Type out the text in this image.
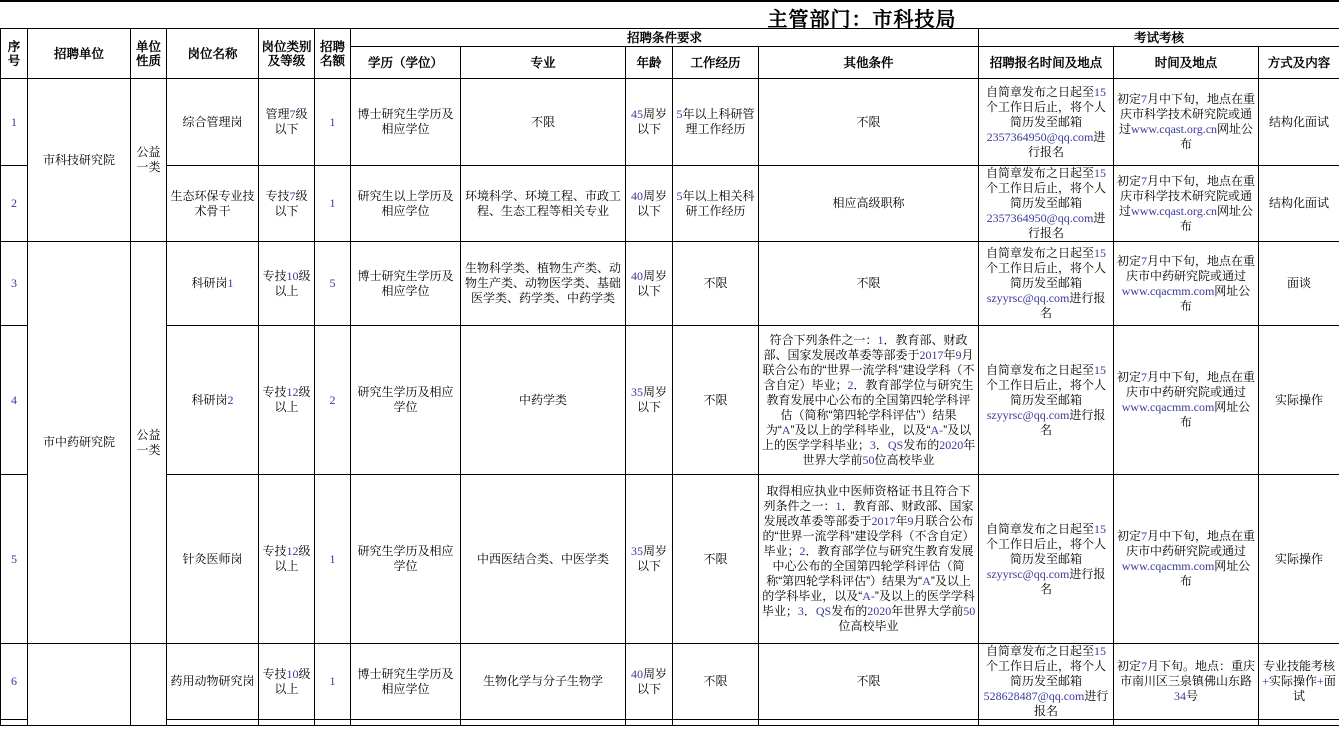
主管部门：市科技局
序号	招聘单位	单位性质	岗位名称	岗位类别及等级	招聘名额	招聘条件要求					考试考核		
						学历（学位）	专业	年龄	工作经历	其他条件	招聘报名时间及地点	时间及地点	方式及内容
1	市科技研究院	公益一类	综合管理岗	管理7级以下	1	博士研究生学历及相应学位	不限	45周岁以下	5年以上科研管理工作经历	不限	自简章发布之日起至15个工作日后止，将个人简历发至邮箱2357364950@qq.com进行报名	初定7月中下旬，地点在重庆市科学技术研究院或通过www.cqast.org.cn网址公布	结构化面试
2			生态环保专业技术骨干	专技7级以下	1	研究生以上学历及相应学位	环境科学、环境工程、市政工程、生态工程等相关专业	40周岁以下	5年以上相关科研工作经历	相应高级职称	自简章发布之日起至15个工作日后止，将个人简历发至邮箱2357364950@qq.com进行报名	初定7月中下旬，地点在重庆市科学技术研究院或通过www.cqast.org.cn网址公布	结构化面试
3	市中药研究院	公益一类	科研岗1	专技10级以上	5	博士研究生学历及相应学位	生物科学类、植物生产类、动物生产类、动物医学类、基础医学类、药学类、中药学类	40周岁以下	不限	不限	自简章发布之日起至15个工作日后止，将个人简历发至邮箱szyyrsc@qq.com进行报名	初定7月中下旬，地点在重庆市中药研究院或通过www.cqacmm.com网址公布	面谈
4			科研岗2	专技12级以上	2	研究生学历及相应学位	中药学类	35周岁以下	不限	符合下列条件之一：1．教育部、财政部、国家发展改革委等部委于2017年9月联合公布的“世界一流学科”建设学科（不含自定）毕业；2．教育部学位与研究生教育发展中心公布的全国第四轮学科评估（简称“第四轮学科评估”）结果为“A”及以上的学科毕业，以及“A-”及以上的医学学科毕业；3．QS发布的2020年世界大学前50位高校毕业	自简章发布之日起至15个工作日后止，将个人简历发至邮箱szyyrsc@qq.com进行报名	初定7月中下旬，地点在重庆市中药研究院或通过www.cqacmm.com网址公布	实际操作
5			针灸医师岗	专技12级以上	1	研究生学历及相应学位	中西医结合类、中医学类	35周岁以下	不限	取得相应执业中医师资格证书且符合下列条件之一：1．教育部、财政部、国家发展改革委等部委于2017年9月联合公布的“世界一流学科”建设学科（不含自定）毕业；2．教育部学位与研究生教育发展中心公布的全国第四轮学科评估（简称“第四轮学科评估”）结果为“A”及以上的学科毕业，以及“A-”及以上的医学学科毕业；3．QS发布的2020年世界大学前50位高校毕业	自简章发布之日起至15个工作日后止，将个人简历发至邮箱szyyrsc@qq.com进行报名	初定7月中下旬，地点在重庆市中药研究院或通过www.cqacmm.com网址公布	实际操作
6			药用动物研究岗	专技10级以上	1	博士研究生学历及相应学位	生物化学与分子生物学	40周岁以下	不限	不限	自简章发布之日起至15个工作日后止，将个人简历发至邮箱528628487@qq.com进行报名	初定7月下旬。地点：重庆市南川区三泉镇佛山东路34号	专业技能考核+实际操作+面试
